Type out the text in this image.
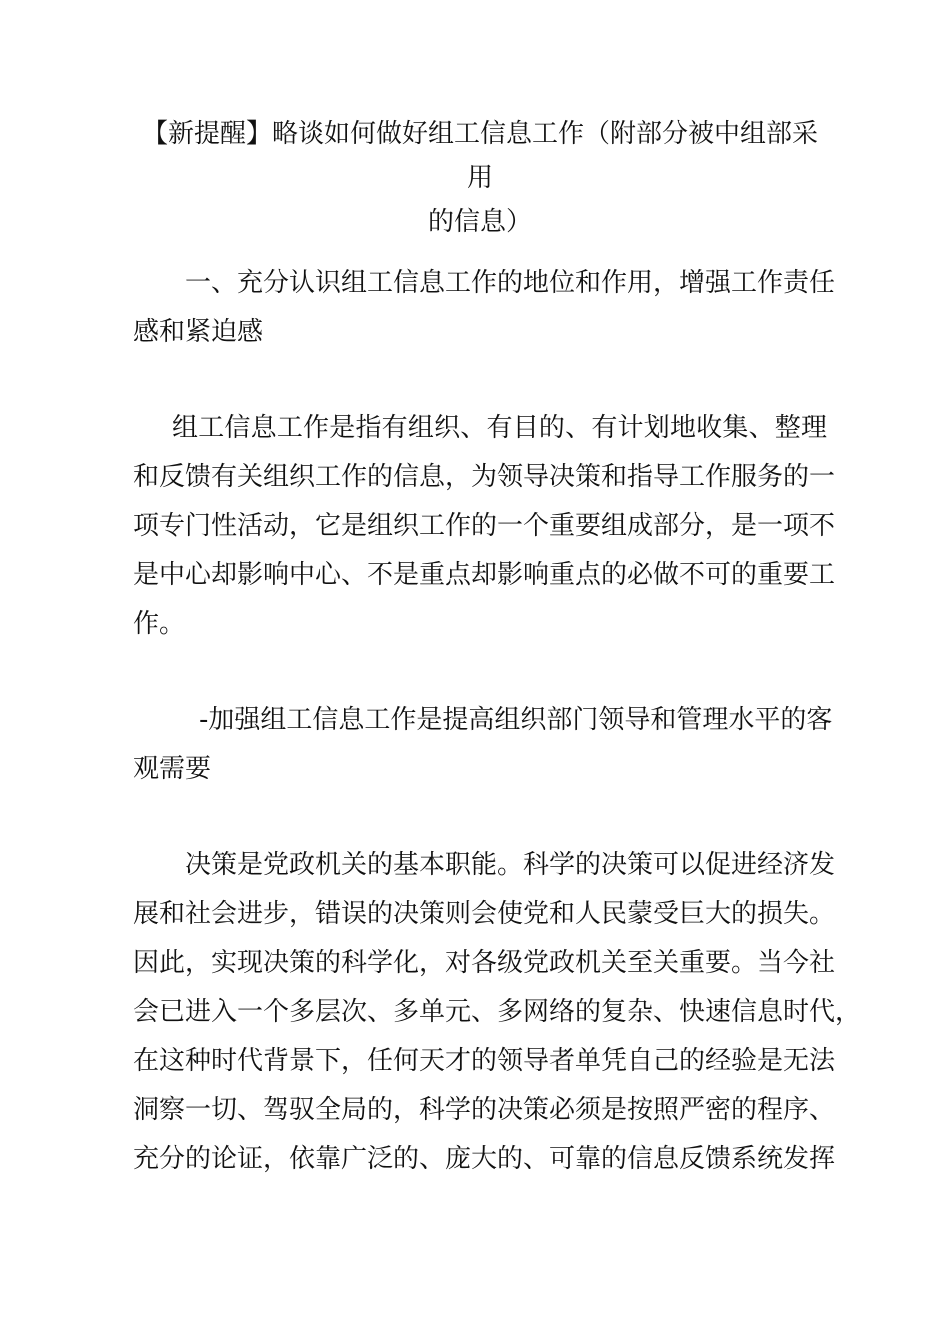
【新提醒】略谈如何做好组工信息工作（附部分被中组部采用
的信息）
一、充分认识组工信息工作的地位和作用，增强工作责任
感和紧迫感
组工信息工作是指有组织、有目的、有计划地收集、整理
和反馈有关组织工作的信息，为领导决策和指导工作服务的一
项专门性活动，它是组织工作的一个重要组成部分，是一项不
是中心却影响中心、不是重点却影响重点的必做不可的重要工
作。
-加强组工信息工作是提高组织部门领导和管理水平的客
观需要
决策是党政机关的基本职能。科学的决策可以促进经济发
展和社会进步，错误的决策则会使党和人民蒙受巨大的损失。
因此，实现决策的科学化，对各级党政机关至关重要。当今社
会已进入一个多层次、多单元、多网络的复杂、快速信息时代，
在这种时代背景下，任何天才的领导者单凭自己的经验是无法
洞察一切、驾驭全局的，科学的决策必须是按照严密的程序、
充分的论证，依靠广泛的、庞大的、可靠的信息反馈系统发挥
